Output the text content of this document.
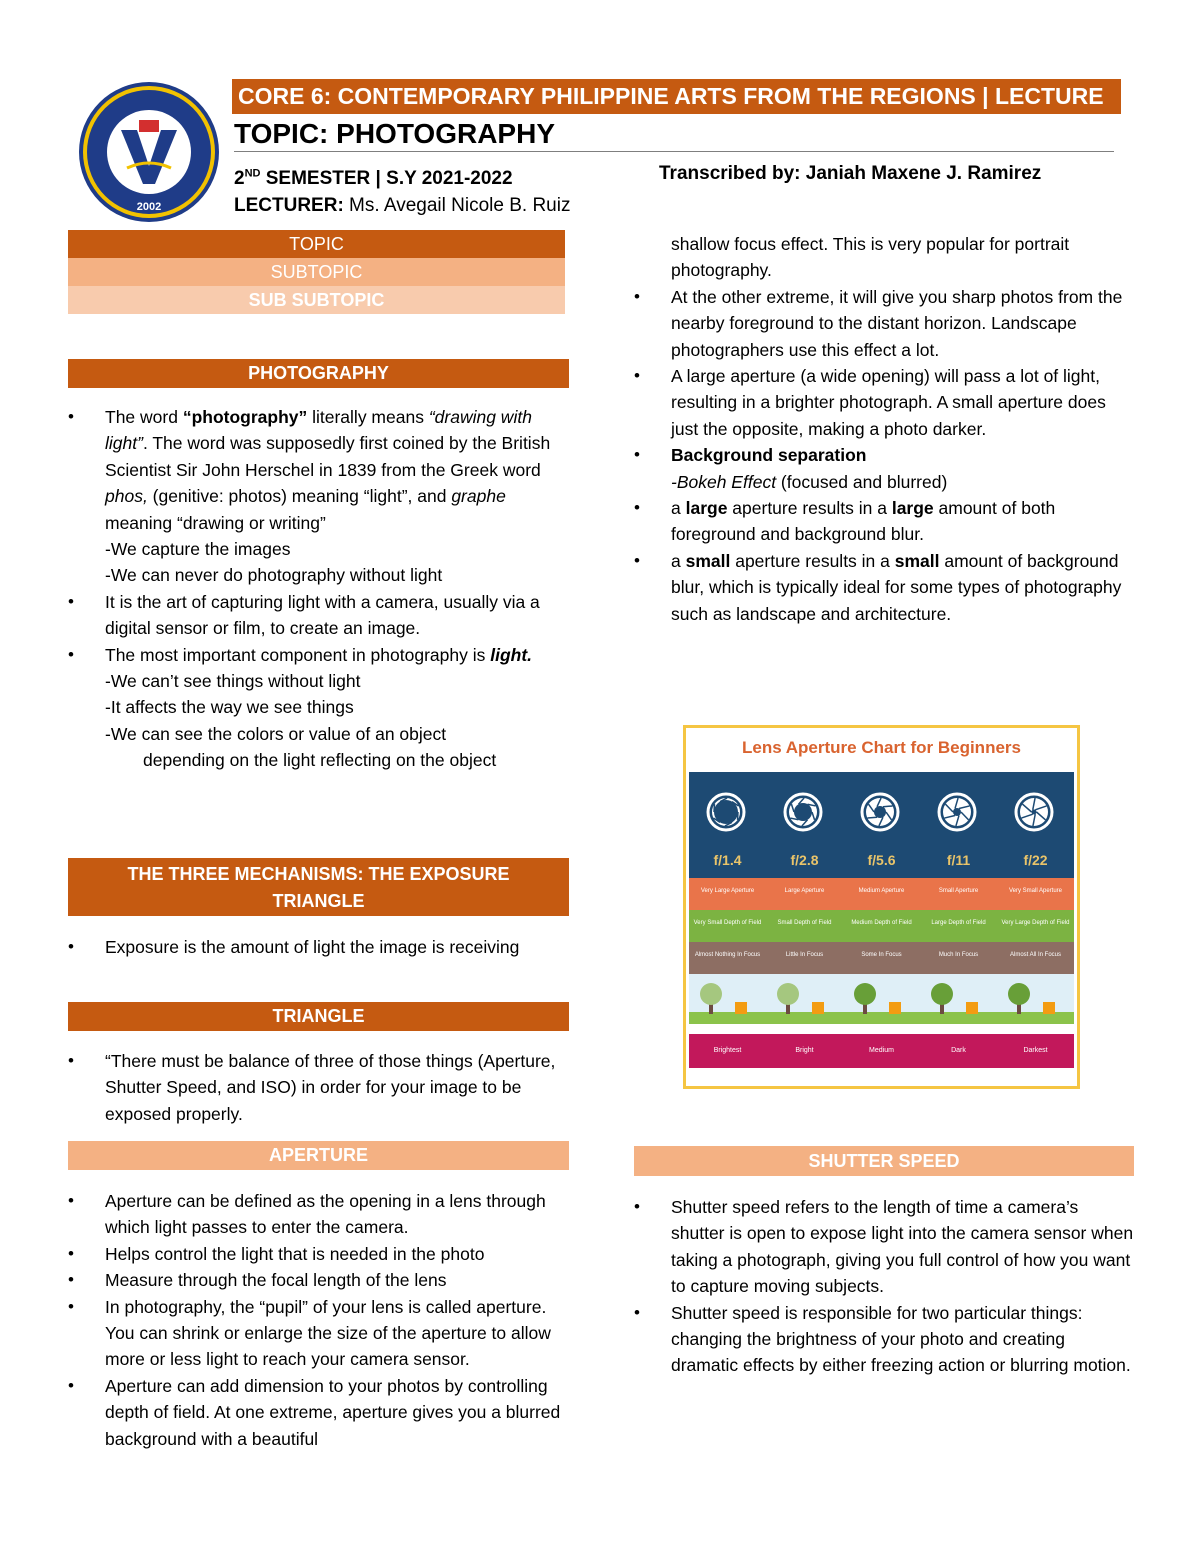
2002
CORE 6: CONTEMPORARY PHILIPPINE ARTS FROM THE REGIONS | LECTURE
TOPIC: PHOTOGRAPHY
2ND SEMESTER | S.Y 2021-2022	Transcribed by: Janiah Maxene J. Ramirez
LECTURER: Ms. Avegail Nicole B. Ruiz
TOPIC
SUBTOPIC
SUB SUBTOPIC
PHOTOGRAPHY
• The word “photography” literally means “drawing with light”. The word was supposedly first coined by the British Scientist Sir John Herschel in 1839 from the Greek word phos, (genitive: photos) meaning “light”, and graphe meaning “drawing or writing”
-We capture the images
-We can never do photography without light
• It is the art of capturing light with a camera, usually via a digital sensor or film, to create an image.
• The most important component in photography is light.
-We can’t see things without light
-It affects the way we see things
-We can see the colors or value of an object
depending on the light reflecting on the object
THE THREE MECHANISMS: THE EXPOSURE
TRIANGLE
• Exposure is the amount of light the image is receiving
TRIANGLE
• “There must be balance of three of those things (Aperture, Shutter Speed, and ISO) in order for your image to be exposed properly.
APERTURE
• Aperture can be defined as the opening in a lens through which light passes to enter the camera.
• Helps control the light that is needed in the photo
• Measure through the focal length of the lens
• In photography, the “pupil” of your lens is called aperture. You can shrink or enlarge the size of the aperture to allow more or less light to reach your camera sensor.
• Aperture can add dimension to your photos by controlling depth of field. At one extreme, aperture gives you a blurred background with a beautiful
shallow focus effect. This is very popular for portrait photography.
• At the other extreme, it will give you sharp photos from the nearby foreground to the distant horizon. Landscape photographers use this effect a lot.
• A large aperture (a wide opening) will pass a lot of light, resulting in a brighter photograph. A small aperture does just the opposite, making a photo darker.
• Background separation
-Bokeh Effect (focused and blurred)
• a large aperture results in a large amount of both foreground and background blur.
• a small aperture results in a small amount of background blur, which is typically ideal for some types of photography such as landscape and architecture.
Lens Aperture Chart for Beginners
f/1.4	f/2.8	f/5.6	f/11	f/22
Very Large Aperture	Large Aperture	Medium Aperture	Small Aperture	Very Small Aperture
Very Small Depth of Field	Small Depth of Field	Medium Depth of Field	Large Depth of Field	Very Large Depth of Field
Almost Nothing In Focus	Little In Focus	Some In Focus	Much In Focus	Almost All In Focus
Brightest	Bright	Medium	Dark	Darkest
SHUTTER SPEED
• Shutter speed refers to the length of time a camera’s shutter is open to expose light into the camera sensor when taking a photograph, giving you full control of how you want to capture moving subjects.
• Shutter speed is responsible for two particular things: changing the brightness of your photo and creating dramatic effects by either freezing action or blurring motion.
